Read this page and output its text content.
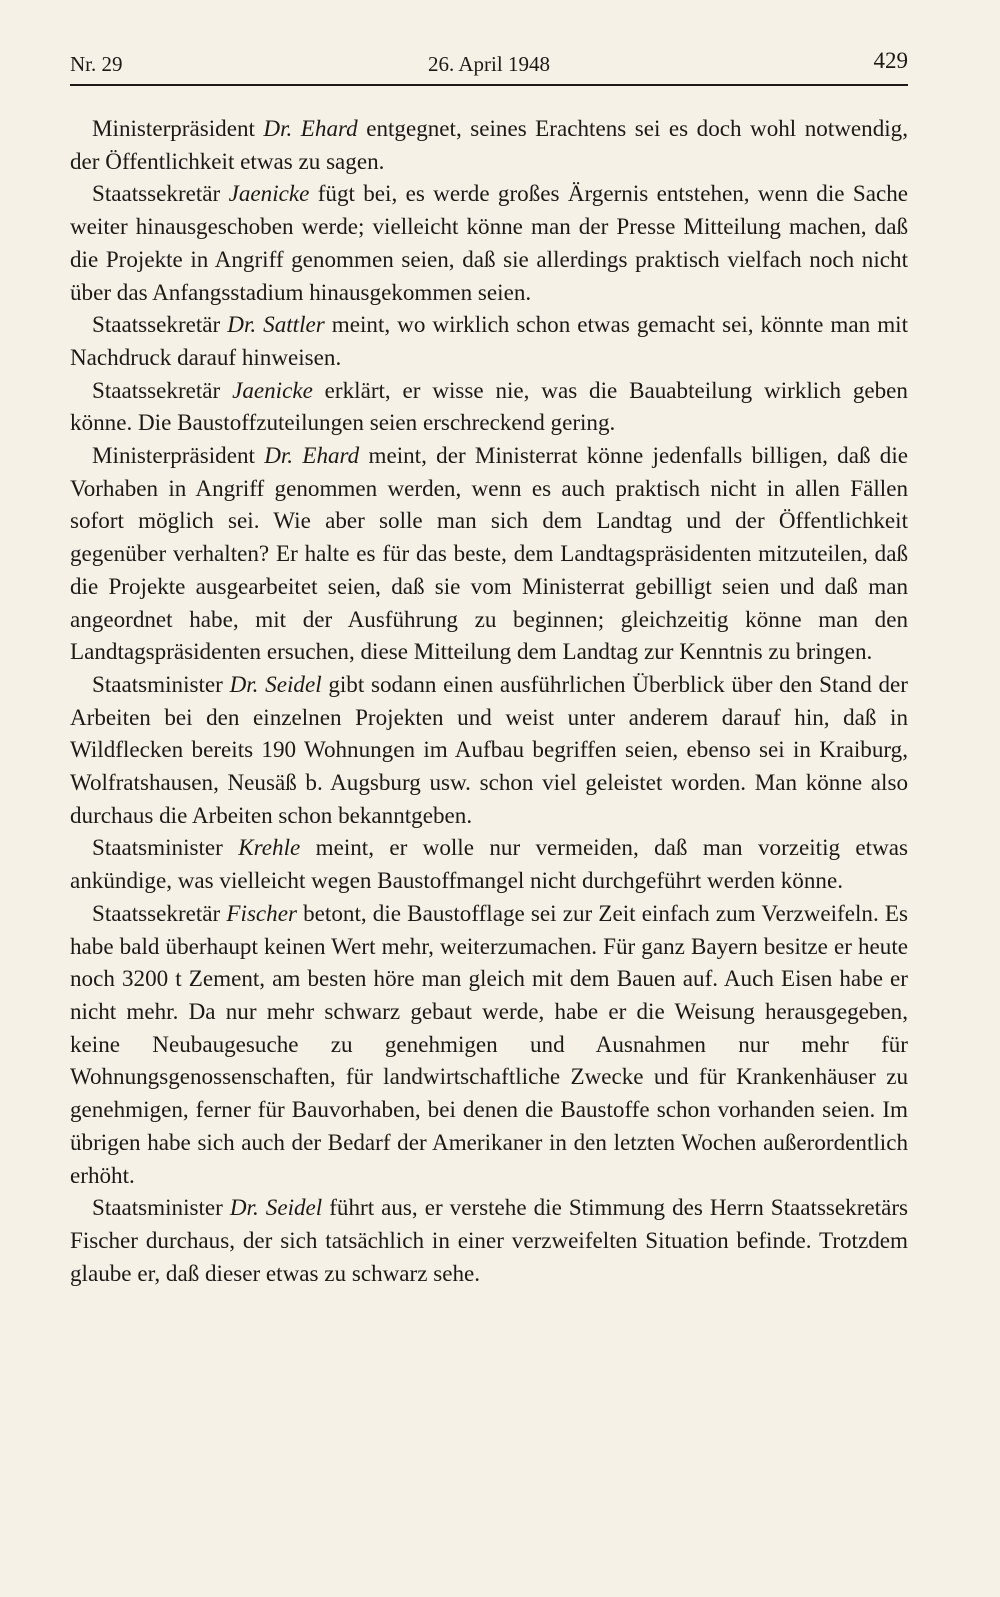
Nr. 29	26. April 1948	429

Ministerpräsident Dr. Ehard entgegnet, seines Erachtens sei es doch wohl notwendig, der Öffentlichkeit etwas zu sagen.

Staatssekretär Jaenicke fügt bei, es werde großes Ärgernis entstehen, wenn die Sache weiter hinausgeschoben werde; vielleicht könne man der Presse Mitteilung machen, daß die Projekte in Angriff genommen seien, daß sie allerdings praktisch vielfach noch nicht über das Anfangsstadium hinausgekommen seien.

Staatssekretär Dr. Sattler meint, wo wirklich schon etwas gemacht sei, könnte man mit Nachdruck darauf hinweisen.

Staatssekretär Jaenicke erklärt, er wisse nie, was die Bauabteilung wirklich geben könne. Die Baustoffzuteilungen seien erschreckend gering.

Ministerpräsident Dr. Ehard meint, der Ministerrat könne jedenfalls billigen, daß die Vorhaben in Angriff genommen werden, wenn es auch praktisch nicht in allen Fällen sofort möglich sei. Wie aber solle man sich dem Landtag und der Öffentlichkeit gegenüber verhalten? Er halte es für das beste, dem Landtagspräsidenten mitzuteilen, daß die Projekte ausgearbeitet seien, daß sie vom Ministerrat gebilligt seien und daß man angeordnet habe, mit der Ausführung zu beginnen; gleichzeitig könne man den Landtagspräsidenten ersuchen, diese Mitteilung dem Landtag zur Kenntnis zu bringen.

Staatsminister Dr. Seidel gibt sodann einen ausführlichen Überblick über den Stand der Arbeiten bei den einzelnen Projekten und weist unter anderem darauf hin, daß in Wildflecken bereits 190 Wohnungen im Aufbau begriffen seien, ebenso sei in Kraiburg, Wolfratshausen, Neusäß b. Augsburg usw. schon viel geleistet worden. Man könne also durchaus die Arbeiten schon bekanntgeben.

Staatsminister Krehle meint, er wolle nur vermeiden, daß man vorzeitig etwas ankündige, was vielleicht wegen Baustoffmangel nicht durchgeführt werden könne.

Staatssekretär Fischer betont, die Baustofflage sei zur Zeit einfach zum Verzweifeln. Es habe bald überhaupt keinen Wert mehr, weiterzumachen. Für ganz Bayern besitze er heute noch 3200 t Zement, am besten höre man gleich mit dem Bauen auf. Auch Eisen habe er nicht mehr. Da nur mehr schwarz gebaut werde, habe er die Weisung herausgegeben, keine Neubaugesuche zu genehmigen und Ausnahmen nur mehr für Wohnungsgenossenschaften, für landwirtschaftliche Zwecke und für Krankenhäuser zu genehmigen, ferner für Bauvorhaben, bei denen die Baustoffe schon vorhanden seien. Im übrigen habe sich auch der Bedarf der Amerikaner in den letzten Wochen außerordentlich erhöht.

Staatsminister Dr. Seidel führt aus, er verstehe die Stimmung des Herrn Staatssekretärs Fischer durchaus, der sich tatsächlich in einer verzweifelten Situation befinde. Trotzdem glaube er, daß dieser etwas zu schwarz sehe.
